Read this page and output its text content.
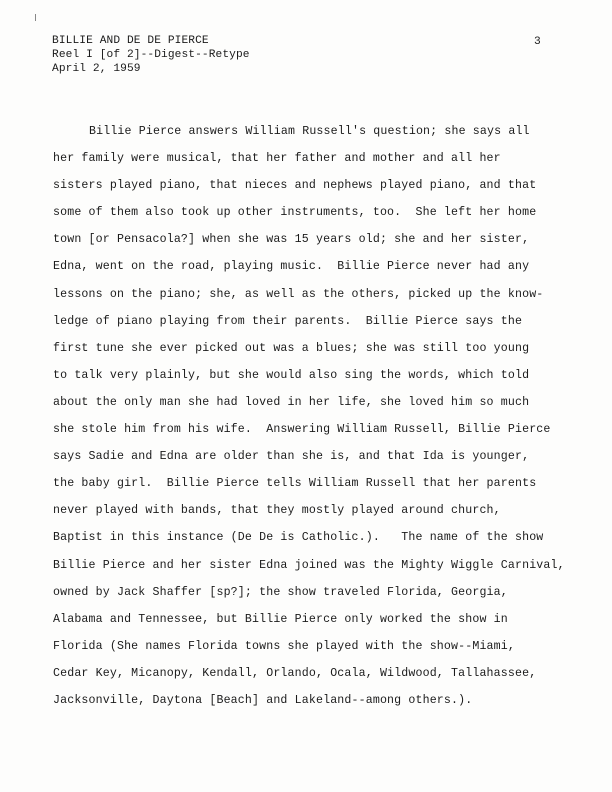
BILLIE AND DE DE PIERCE
Reel I [of 2]--Digest--Retype
April 2, 1959
3
Billie Pierce answers William Russell's question; she says all
her family were musical, that her father and mother and all her
sisters played piano, that nieces and nephews played piano, and that
some of them also took up other instruments, too.  She left her home
town [or Pensacola?] when she was 15 years old; she and her sister,
Edna, went on the road, playing music.  Billie Pierce never had any
lessons on the piano; she, as well as the others, picked up the know-
ledge of piano playing from their parents.  Billie Pierce says the
first tune she ever picked out was a blues; she was still too young
to talk very plainly, but she would also sing the words, which told
about the only man she had loved in her life, she loved him so much
she stole him from his wife.  Answering William Russell, Billie Pierce
says Sadie and Edna are older than she is, and that Ida is younger,
the baby girl.  Billie Pierce tells William Russell that her parents
never played with bands, that they mostly played around church,
Baptist in this instance (De De is Catholic.).   The name of the show
Billie Pierce and her sister Edna joined was the Mighty Wiggle Carnival,
owned by Jack Shaffer [sp?]; the show traveled Florida, Georgia,
Alabama and Tennessee, but Billie Pierce only worked the show in
Florida (She names Florida towns she played with the show--Miami,
Cedar Key, Micanopy, Kendall, Orlando, Ocala, Wildwood, Tallahassee,
Jacksonville, Daytona [Beach] and Lakeland--among others.).
